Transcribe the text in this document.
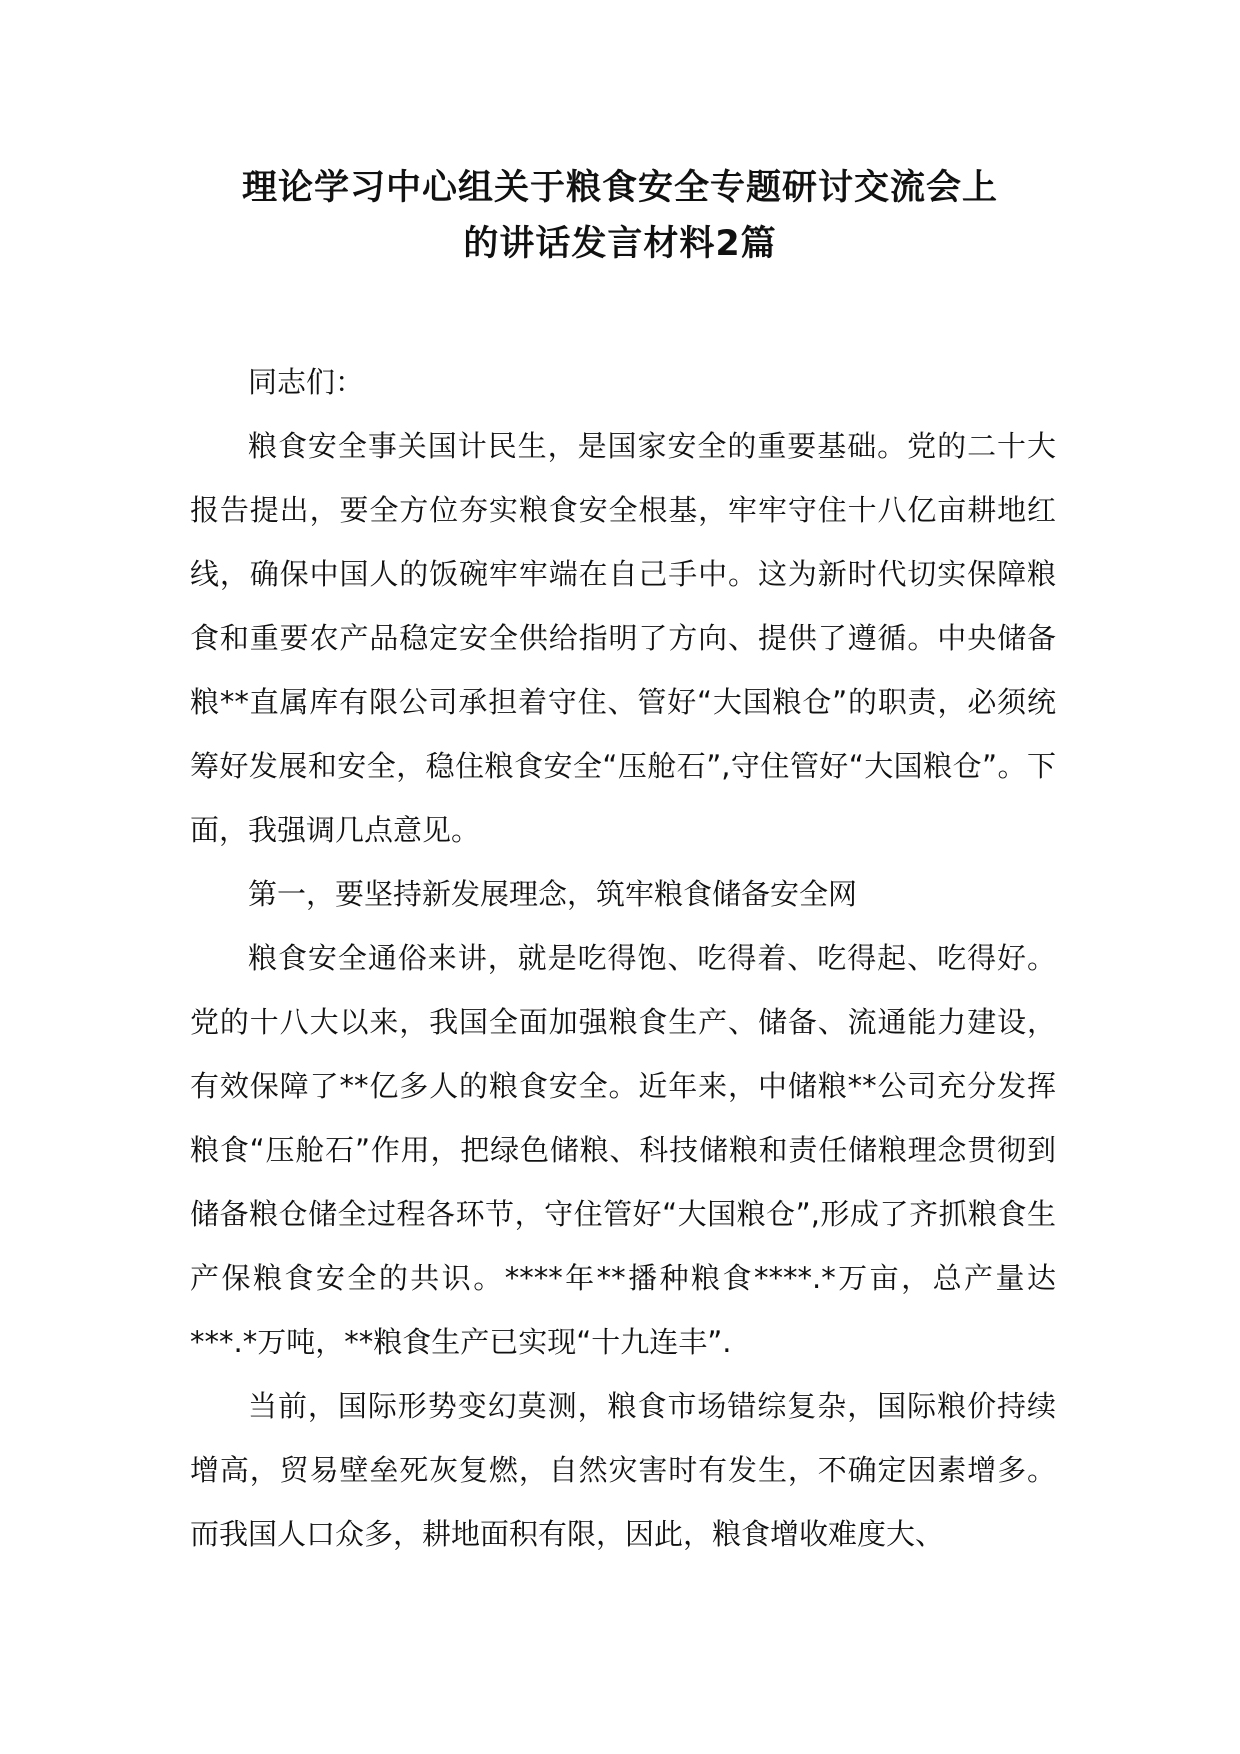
理论学习中心组关于粮食安全专题研讨交流会上
的讲话发言材料2篇

同志们：

粮食安全事关国计民生，是国家安全的重要基础。党的二十大报告提出，要全方位夯实粮食安全根基，牢牢守住十八亿亩耕地红线，确保中国人的饭碗牢牢端在自己手中。这为新时代切实保障粮食和重要农产品稳定安全供给指明了方向、提供了遵循。中央储备粮**直属库有限公司承担着守住、管好“大国粮仓”的职责，必须统筹好发展和安全，稳住粮食安全“压舱石”,守住管好“大国粮仓”。下面，我强调几点意见。

第一，要坚持新发展理念，筑牢粮食储备安全网

粮食安全通俗来讲，就是吃得饱、吃得着、吃得起、吃得好。党的十八大以来，我国全面加强粮食生产、储备、流通能力建设，有效保障了**亿多人的粮食安全。近年来，中储粮**公司充分发挥粮食“压舱石”作用，把绿色储粮、科技储粮和责任储粮理念贯彻到储备粮仓储全过程各环节，守住管好“大国粮仓”,形成了齐抓粮食生产保粮食安全的共识。****年**播种粮食****.*万亩，总产量达***.*万吨，**粮食生产已实现“十九连丰”.

当前，国际形势变幻莫测，粮食市场错综复杂，国际粮价持续增高，贸易壁垒死灰复燃，自然灾害时有发生，不确定因素增多。而我国人口众多，耕地面积有限，因此，粮食增收难度大、
